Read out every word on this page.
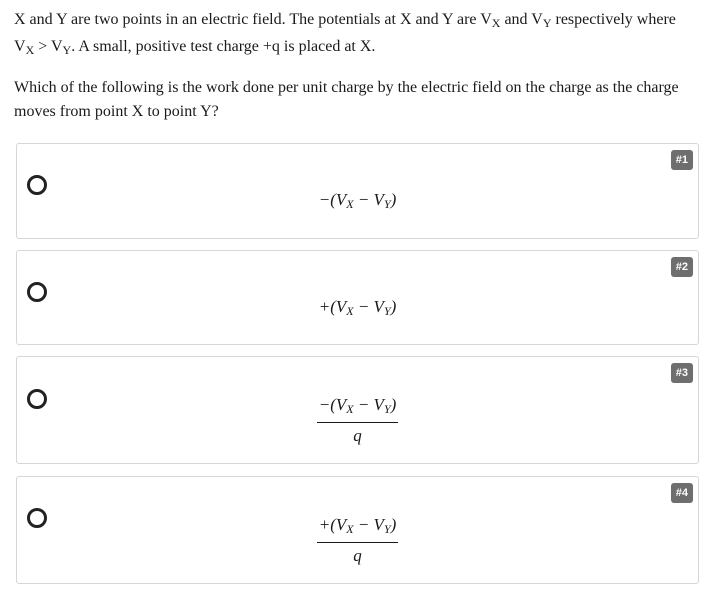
X and Y are two points in an electric field. The potentials at X and Y are $V_X$ and $V_Y$ respectively where
$V_X > V_Y$. A small, positive test charge +q is placed at X.
Which of the following is the work done per unit charge by the electric field on the charge as the charge
moves from point X to point Y?
#1
$-(V_X - V_Y)$
#2
$+(V_X - V_Y)$
#3
$\frac{-(V_X - V_Y)}{q}$
#4
$\frac{+(V_X - V_Y)}{q}$
